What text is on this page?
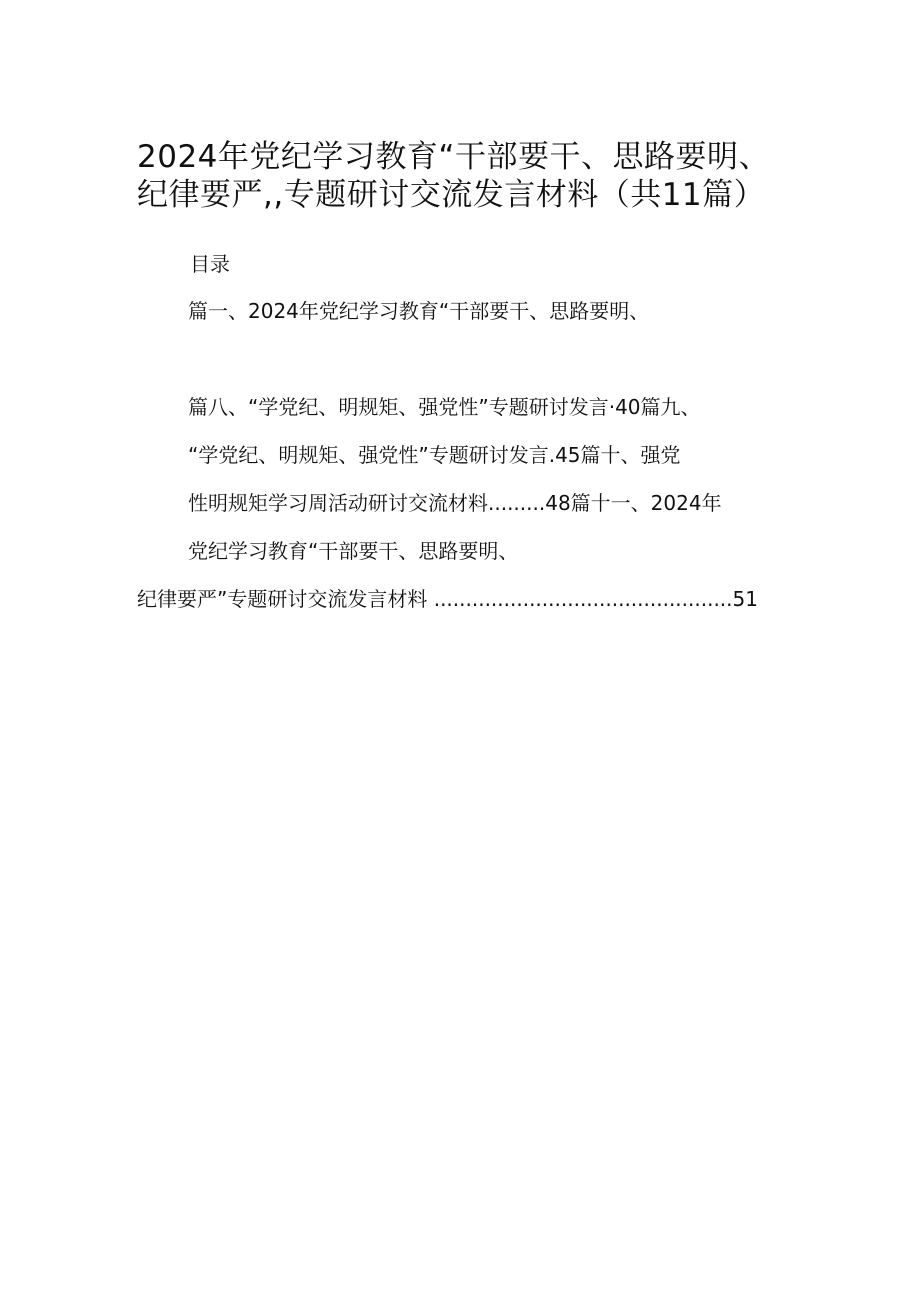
2024年党纪学习教育“干部要干、思路要明、
纪律要严,,专题研讨交流发言材料（共11篇）
目录
篇一、2024年党纪学习教育“干部要干、思路要明、
篇八、“学党纪、明规矩、强党性”专题研讨发言·40篇九、
“学党纪、明规矩、强党性”专题研讨发言.45篇十、强党
性明规矩学习周活动研讨交流材料.........48篇十一、2024年
党纪学习教育“干部要干、思路要明、
纪律要严”专题研讨交流发言材料 ...............................................51
